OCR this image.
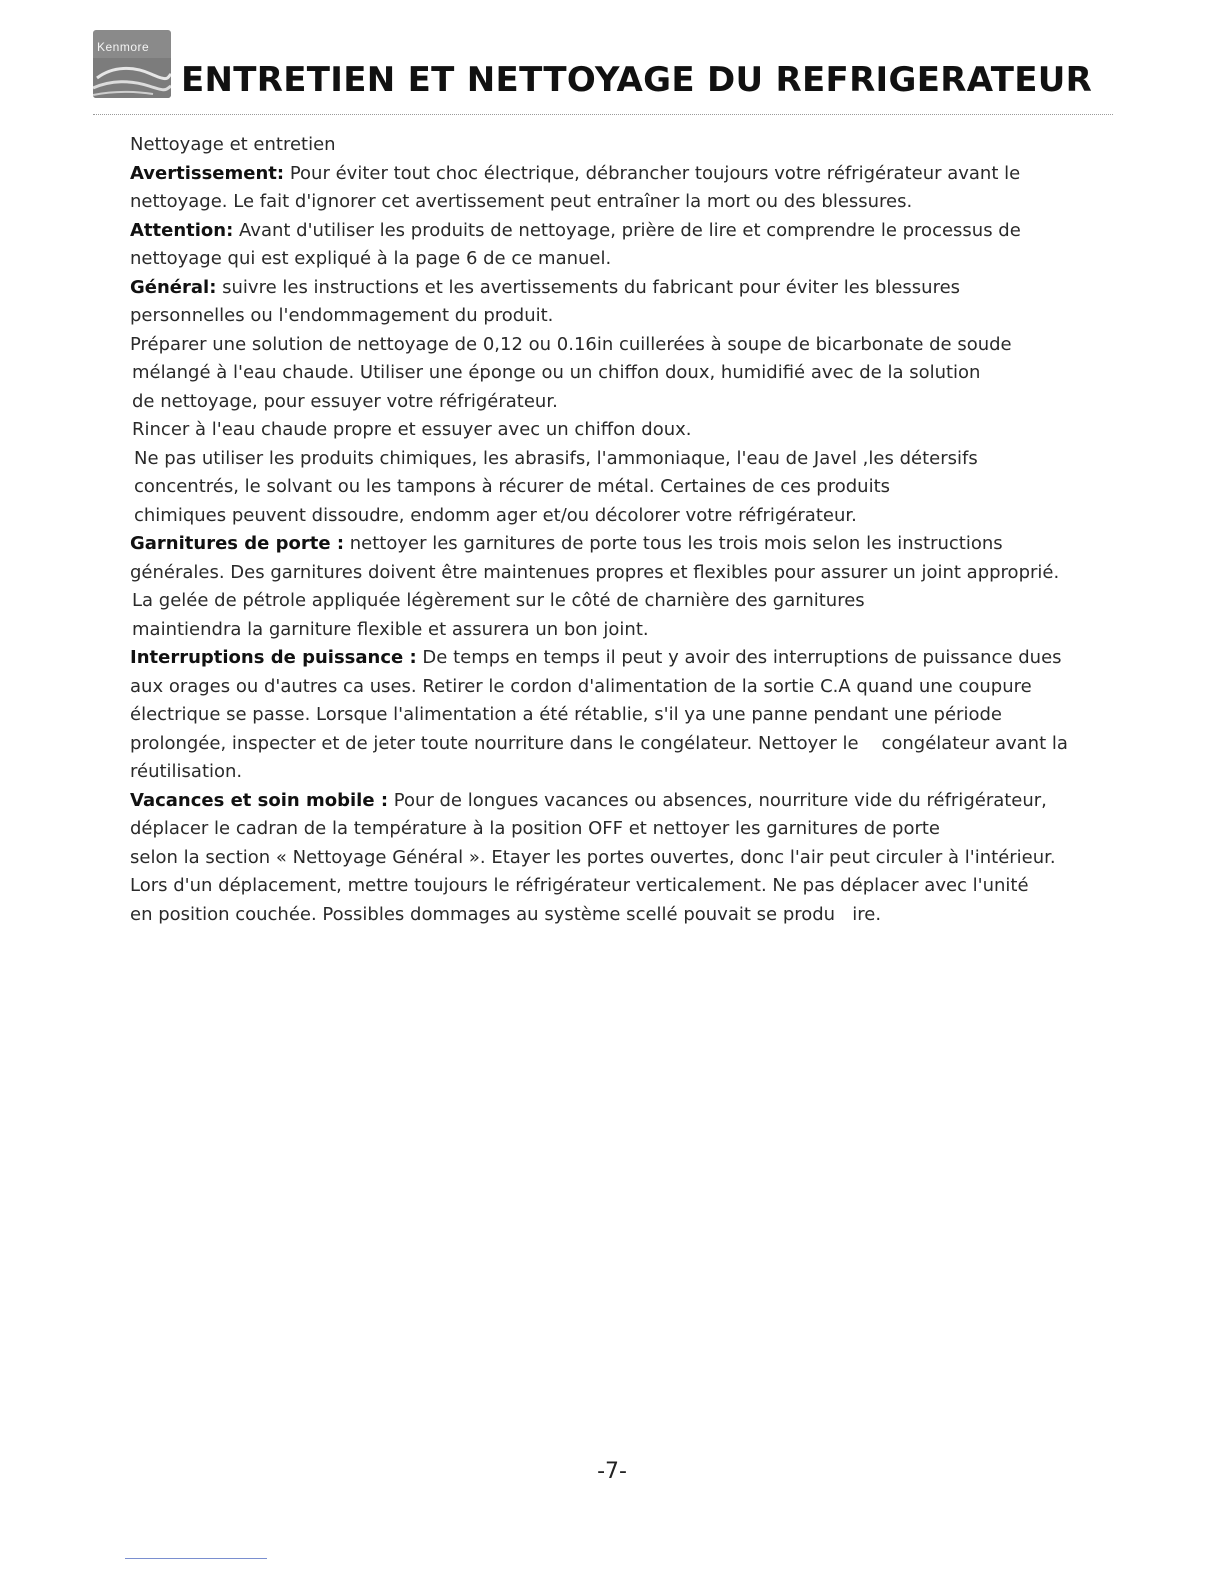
Kenmore
ENTRETIEN ET NETTOYAGE DU REFRIGERATEUR
Nettoyage et entretien
Avertissement: Pour éviter tout choc électrique, débrancher toujours votre réfrigérateur avant le
nettoyage. Le fait d'ignorer cet avertissement peut entraîner la mort ou des blessures.
Attention: Avant d'utiliser les produits de nettoyage, prière de lire et comprendre le processus de
nettoyage qui est expliqué à la page 6 de ce manuel.
Général: suivre les instructions et les avertissements du fabricant pour éviter les blessures
personnelles ou l'endommagement du produit.
Préparer une solution de nettoyage de 0,12 ou 0.16in cuillerées à soupe de bicarbonate de soude
mélangé à l'eau chaude. Utiliser une éponge ou un chiffon doux, humidifié avec de la solution
de nettoyage, pour essuyer votre réfrigérateur.
Rincer à l'eau chaude propre et essuyer avec un chiffon doux.
Ne pas utiliser les produits chimiques, les abrasifs, l'ammoniaque, l'eau de Javel ,les détersifs
concentrés, le solvant ou les tampons à récurer de métal. Certaines de ces produits
chimiques peuvent dissoudre, endomm ager et/ou décolorer votre réfrigérateur.
Garnitures de porte : nettoyer les garnitures de porte tous les trois mois selon les instructions
générales. Des garnitures doivent être maintenues propres et flexibles pour assurer un joint approprié.
La gelée de pétrole appliquée légèrement sur le côté de charnière des garnitures
maintiendra la garniture flexible et assurera un bon joint.
Interruptions de puissance : De temps en temps il peut y avoir des interruptions de puissance dues
aux orages ou d'autres ca uses. Retirer le cordon d'alimentation de la sortie C.A quand une coupure
électrique se passe. Lorsque l'alimentation a été rétablie, s'il ya une panne pendant une période
prolongée, inspecter et de jeter toute nourriture dans le congélateur. Nettoyer le    congélateur avant la
réutilisation.
Vacances et soin mobile : Pour de longues vacances ou absences, nourriture vide du réfrigérateur,
déplacer le cadran de la température à la position OFF et nettoyer les garnitures de porte
selon la section « Nettoyage Général ». Etayer les portes ouvertes, donc l'air peut circuler à l'intérieur.
Lors d'un déplacement, mettre toujours le réfrigérateur verticalement. Ne pas déplacer avec l'unité
en position couchée. Possibles dommages au système scellé pouvait se produ   ire.
-7-
